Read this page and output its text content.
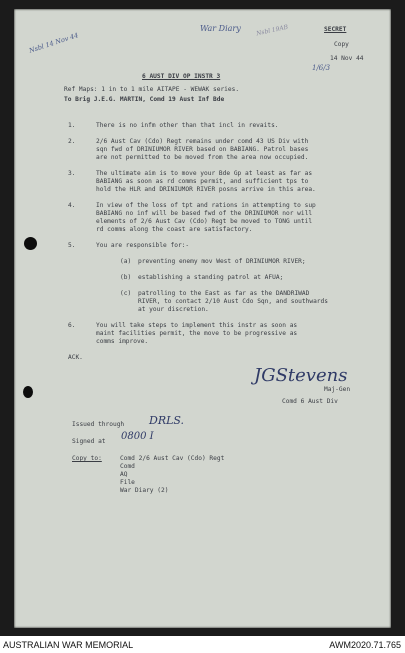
War Diary Nsbl 19AB
Nsbl 14 Nov 44
1/6/3
SECRET
Copy
14 Nov 44
6 AUST DIV OP INSTR 3
Ref Maps: 1 in to 1 mile AITAPE - WEWAK series.
To Brig J.E.G. MARTIN, Comd 19 Aust Inf Bde
1.	There is no infm other than that incl in revaits.
2.	2/6 Aust Cav (Cdo) Regt remains under comd 43 US Div with
sqn fwd of DRINIUMOR RIVER based on BABIANG. Patrol bases
are not permitted to be moved from the area now occupied.
3.	The ultimate aim is to move your Bde Gp at least as far as
BABIANG as soon as rd comms permit, and sufficient tps to
hold the HLR and DRINIUMOR RIVER posns arrive in this area.
4.	In view of the loss of tpt and rations in attempting to sup
BABIANG no inf will be based fwd of the DRINIUMOR nor will
elements of 2/6 Aust Cav (Cdo) Regt be moved to TONG until
rd comms along the coast are satisfactory.
5.	You are responsible for:-
(a) preventing enemy mov West of DRINIUMOR RIVER;
(b) establishing a standing patrol at AFUA;
(c) patrolling to the East as far as the DANDRIWAD
RIVER, to contact 2/10 Aust Cdo Sqn, and southwards
at your discretion.
6.	You will take steps to implement this instr as soon as
maint facilities permit, the move to be progressive as
comms improve.
ACK.
JGStevens
Maj-Gen
Comd 6 Aust Div
Issued through DRLS.
Signed at 0800 I
Copy to:	Comd 2/6 Aust Cav (Cdo) Regt
Comd
AQ
File
War Diary (2)
AUSTRALIAN WAR MEMORIAL	AWM2020.71.765
